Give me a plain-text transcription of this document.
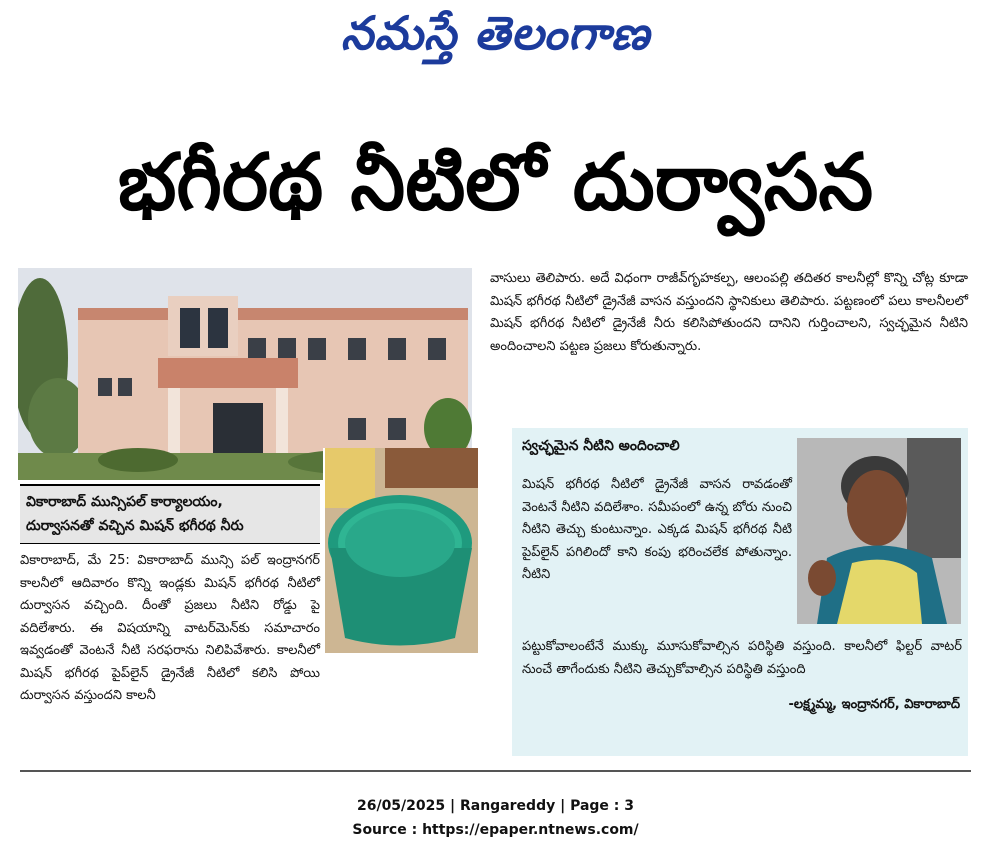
నమస్తే తెలంగాణ
భగీరథ నీటిలో దుర్వాసన
వికారాబాద్ మున్సిపల్ కార్యాలయం,
దుర్వాసనతో వచ్చిన మిషన్ భగీరథ నీరు

వికారాబాద్, మే 25: వికారాబాద్ మున్సి పల్ ఇంద్రానగర్ కాలనీలో ఆదివారం కొన్ని ఇండ్లకు మిషన్ భగీరథ నీటిలో దుర్వాసన వచ్చింది. దీంతో ప్రజలు నీటిని రోడ్డు పై వదిలేశారు. ఈ విషయాన్ని వాటర్‌మెన్‌కు సమాచారం ఇవ్వడంతో వెంటనే నీటి సరఫరాను నిలిపివేశారు. కాలనీలో మిషన్ భగీరథ పైప్‌లైన్ డ్రైనేజీ నీటిలో కలిసి పోయి దుర్వాసన వస్తుందని కాలనీ

వాసులు తెలిపారు. అదే విధంగా రాజీవ్‌గృహకల్ప, ఆలంపల్లి తదితర కాలనీల్లో కొన్ని చోట్ల కూడా మిషన్ భగీరథ నీటిలో డ్రైనేజీ వాసన వస్తుందని స్థానికులు తెలిపారు. పట్టణంలో పలు కాలనీలలో మిషన్ భగీరథ నీటిలో డ్రైనేజీ నీరు కలిసిపోతుందని దానిని గుర్తించాలని, స్వచ్ఛమైన నీటిని అందించాలని పట్టణ ప్రజలు కోరుతున్నారు.

స్వచ్ఛమైన నీటిని అందించాలి
మిషన్ భగీరథ నీటిలో డ్రైనేజీ వాసన రావడంతో వెంటనే నీటిని వదిలేశాం. సమీపంలో ఉన్న బోరు నుంచి నీటిని తెచ్చు కుంటున్నాం. ఎక్కడ మిషన్ భగీరథ నీటి పైప్‌లైన్ పగిలిందో కాని కంపు భరించలేక పోతున్నాం. నీటిని
పట్టుకోవాలంటేనే ముక్కు మూసుకోవాల్సిన పరిస్థితి వస్తుంది. కాలనీలో ఫిల్టర్ వాటర్ నుంచే తాగేందుకు నీటిని తెచ్చుకోవాల్సిన పరిస్థితి వస్తుంది
-లక్ష్మమ్మ, ఇంద్రానగర్, వికారాబాద్
26/05/2025 | Rangareddy | Page : 3
Source : https://epaper.ntnews.com/
